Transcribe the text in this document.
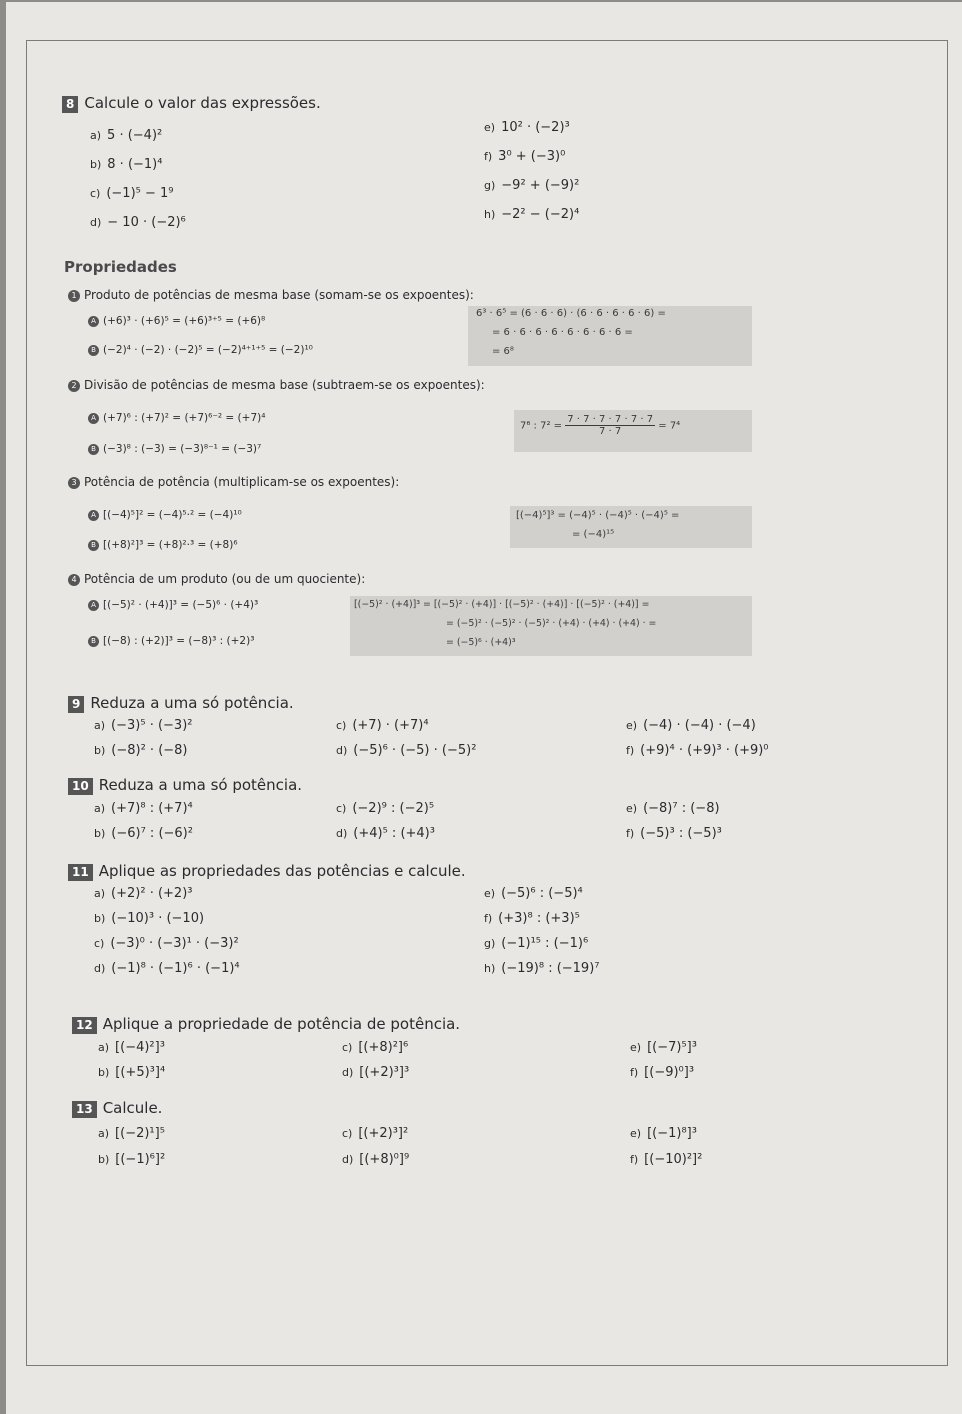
8 Calcule o valor das expressões.
a) 5 · (−4)²
b) 8 · (−1)⁴
c) (−1)⁵ − 1⁹
d) − 10 · (−2)⁶
e) 10² · (−2)³
f) 3⁰ + (−3)⁰
g) −9² + (−9)²
h) −2² − (−2)⁴
Propriedades
1 Produto de potências de mesma base (somam-se os expoentes):
A (+6)³ · (+6)⁵ = (+6)³⁺⁵ = (+6)⁸
B (−2)⁴ · (−2) · (−2)⁵ = (−2)⁴⁺¹⁺⁵ = (−2)¹⁰
6³ · 6⁵ = (6 · 6 · 6) · (6 · 6 · 6 · 6 · 6) =
= 6 · 6 · 6 · 6 · 6 · 6 · 6 · 6 =
= 6⁸
2 Divisão de potências de mesma base (subtraem-se os expoentes):
A (+7)⁶ : (+7)² = (+7)⁶⁻² = (+7)⁴
B (−3)⁸ : (−3) = (−3)⁸⁻¹ = (−3)⁷
7⁶ : $7^2 = \frac{7 \cdot 7 \cdot 7 \cdot 7 \cdot 7 \cdot 7}{7 \cdot 7} = 7^4$
3 Potência de potência (multiplicam-se os expoentes):
A [(−4)⁵]² = (−4)⁵·² = (−4)¹⁰
B [(+8)²]³ = (+8)²·³ = (+8)⁶
[(−4)⁵]³ = (−4)⁵ · (−4)⁵ · (−4)⁵ =
= (−4)¹⁵
4 Potência de um produto (ou de um quociente):
A [(−5)² · (+4)]³ = (−5)⁶ · (+4)³
B [(−8) : (+2)]³ = (−8)³ : (+2)³
[(−5)² · (+4)]³ = [(−5)² · (+4)] · [(−5)² · (+4)] · [(−5)² · (+4)] =
= (−5)² · (−5)² · (−5)² · (+4) · (+4) · (+4) · =
= (−5)⁶ · (+4)³
9 Reduza a uma só potência.
a) (−3)⁵ · (−3)²
b) (−8)² · (−8)
c) (+7) · (+7)⁴
d) (−5)⁶ · (−5) · (−5)²
e) (−4) · (−4) · (−4)
f) (+9)⁴ · (+9)³ · (+9)⁰
10 Reduza a uma só potência.
a) (+7)⁸ : (+7)⁴
b) (−6)⁷ : (−6)²
c) (−2)⁹ : (−2)⁵
d) (+4)⁵ : (+4)³
e) (−8)⁷ : (−8)
f) (−5)³ : (−5)³
11 Aplique as propriedades das potências e calcule.
a) (+2)² · (+2)³
b) (−10)³ · (−10)
c) (−3)⁰ · (−3)¹ · (−3)²
d) (−1)⁸ · (−1)⁶ · (−1)⁴
e) (−5)⁶ : (−5)⁴
f) (+3)⁸ : (+3)⁵
g) (−1)¹⁵ : (−1)⁶
h) (−19)⁸ : (−19)⁷
12 Aplique a propriedade de potência de potência.
a) [(−4)²]³
b) [(+5)³]⁴
c) [(+8)²]⁶
d) [(+2)³]³
e) [(−7)⁵]³
f) [(−9)⁰]³
13 Calcule.
a) [(−2)¹]⁵
b) [(−1)⁶]²
c) [(+2)³]²
d) [(+8)⁰]⁹
e) [(−1)⁸]³
f) [(−10)²]²
